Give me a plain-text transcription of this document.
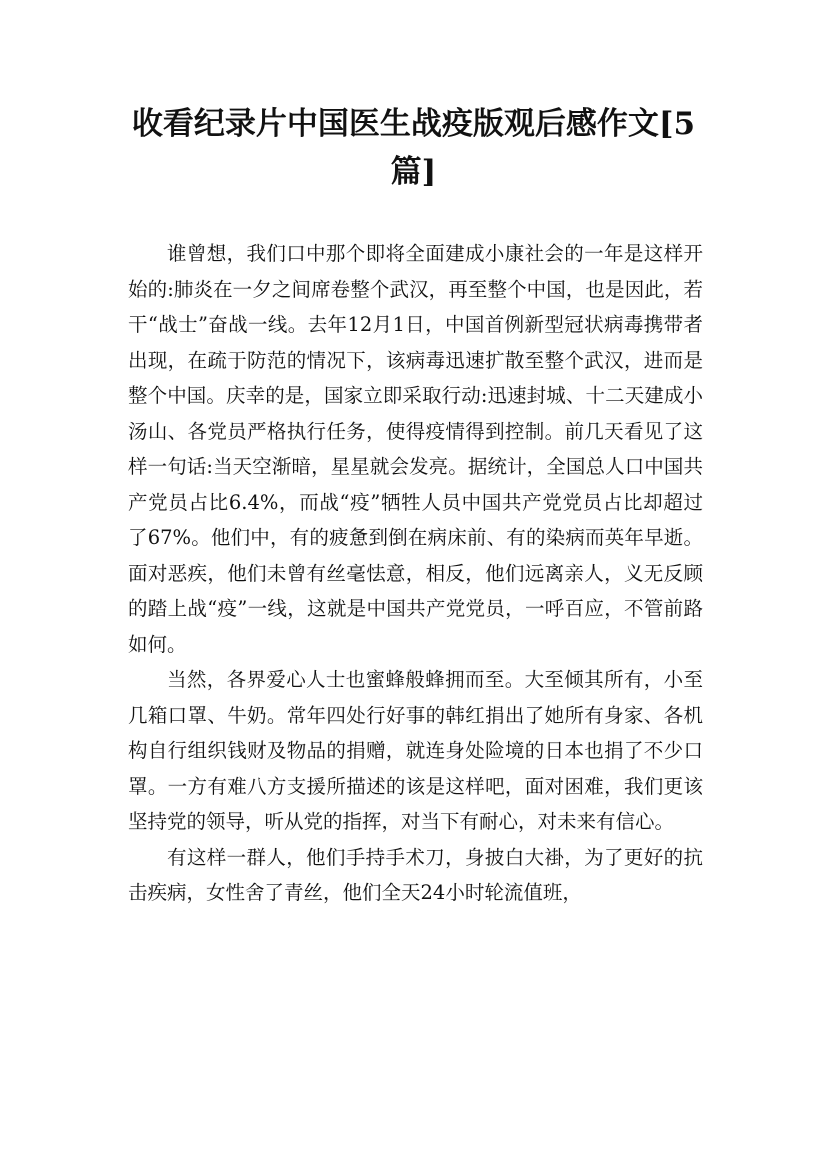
收看纪录片中国医生战疫版观后感作文[5篇]

谁曾想，我们口中那个即将全面建成小康社会的一年是这样开始的:肺炎在一夕之间席卷整个武汉，再至整个中国，也是因此，若干“战士”奋战一线。去年12月1日，中国首例新型冠状病毒携带者出现，在疏于防范的情况下，该病毒迅速扩散至整个武汉，进而是整个中国。庆幸的是，国家立即采取行动:迅速封城、十二天建成小汤山、各党员严格执行任务，使得疫情得到控制。前几天看见了这样一句话:当天空渐暗，星星就会发亮。据统计，全国总人口中国共产党员占比6.4%，而战“疫”牺牲人员中国共产党党员占比却超过了67%。他们中，有的疲惫到倒在病床前、有的染病而英年早逝。面对恶疾，他们未曾有丝毫怯意，相反，他们远离亲人，义无反顾的踏上战“疫”一线，这就是中国共产党党员，一呼百应，不管前路如何。

当然，各界爱心人士也蜜蜂般蜂拥而至。大至倾其所有，小至几箱口罩、牛奶。常年四处行好事的韩红捐出了她所有身家、各机构自行组织钱财及物品的捐赠，就连身处险境的日本也捐了不少口罩。一方有难八方支援所描述的该是这样吧，面对困难，我们更该坚持党的领导，听从党的指挥，对当下有耐心，对未来有信心。

有这样一群人，他们手持手术刀，身披白大褂，为了更好的抗击疾病，女性舍了青丝，他们全天24小时轮流值班，
